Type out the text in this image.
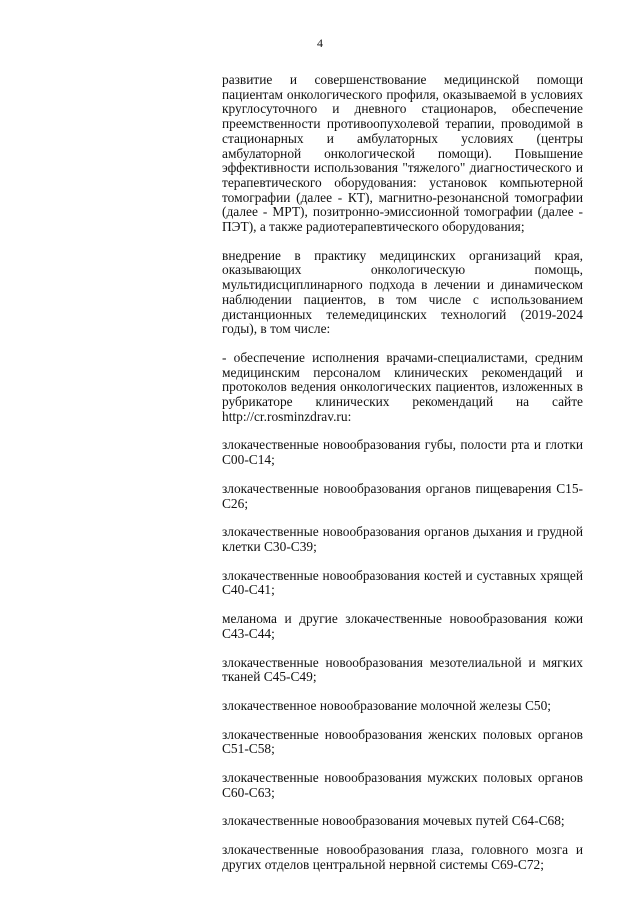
4

развитие и совершенствование медицинской помощи пациентам онкологического профиля, оказываемой в условиях круглосуточного и дневного стационаров, обеспечение преемственности противоопухолевой терапии, проводимой в стационарных и амбулаторных условиях (центры амбулаторной онкологической помощи). Повышение эффективности использования "тяжелого" диагностического и терапевтического оборудования: установок компьютерной томографии (далее - КТ), магнитно-резонансной томографии (далее - МРТ), позитронно-эмиссионной томографии (далее - ПЭТ), а также радиотерапевтического оборудования;

внедрение в практику медицинских организаций края, оказывающих онкологическую помощь, мультидисциплинарного подхода в лечении и динамическом наблюдении пациентов, в том числе с использованием дистанционных телемедицинских технологий (2019-2024 годы), в том числе:

- обеспечение исполнения врачами-специалистами, средним медицинским персоналом клинических рекомендаций и протоколов ведения онкологических пациентов, изложенных в рубрикаторе клинических рекомендаций на сайте http://cr.rosminzdrav.ru:

злокачественные новообразования губы, полости рта и глотки С00-С14;

злокачественные новообразования органов пищеварения С15-С26;

злокачественные новообразования органов дыхания и грудной клетки С30-С39;

злокачественные новообразования костей и суставных хрящей С40-С41;

меланома и другие злокачественные новообразования кожи С43-С44;

злокачественные новообразования мезотелиальной и мягких тканей С45-С49;

злокачественное новообразование молочной железы С50;

злокачественные новообразования женских половых органов С51-С58;

злокачественные новообразования мужских половых органов С60-С63;

злокачественные новообразования мочевых путей С64-С68;

злокачественные новообразования глаза, головного мозга и других отделов центральной нервной системы С69-С72;
